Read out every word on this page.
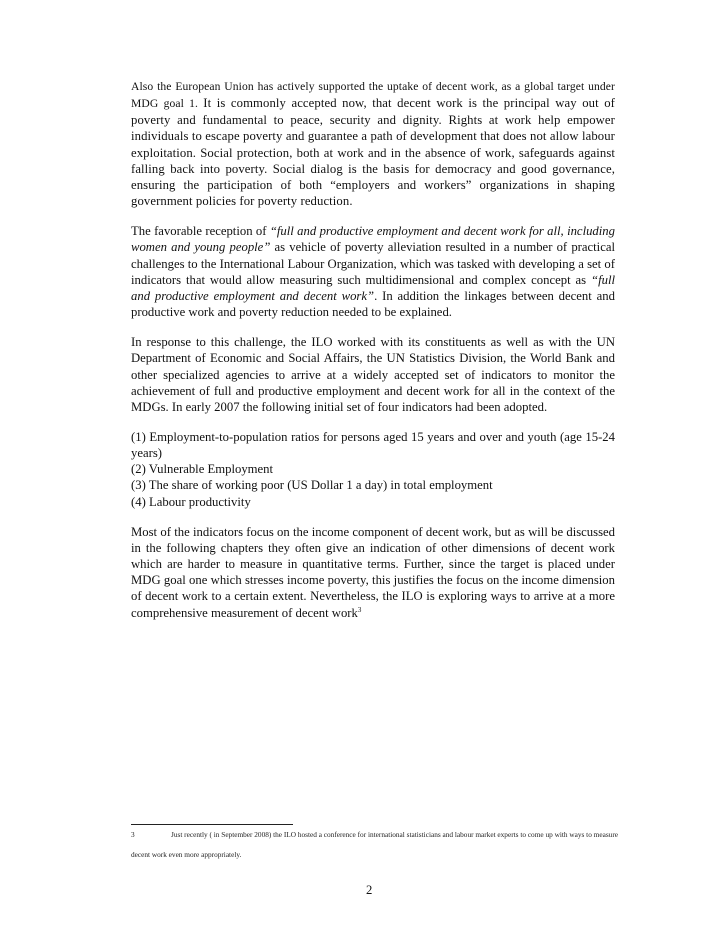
Also the European Union has actively supported the uptake of decent work, as a global target under MDG goal 1. It is commonly accepted now, that decent work is the principal way out of poverty and fundamental to peace, security and dignity. Rights at work help empower individuals to escape poverty and guarantee a path of development that does not allow labour exploitation. Social protection, both at work and in the absence of work, safeguards against falling back into poverty. Social dialog is the basis for democracy and good governance, ensuring the participation of both “employers and workers” organizations in shaping government policies for poverty reduction.

The favorable reception of “full and productive employment and decent work for all, including women and young people” as vehicle of poverty alleviation resulted in a number of practical challenges to the International Labour Organization, which was tasked with developing a set of indicators that would allow measuring such multidimensional and complex concept as “full and productive employment and decent work”. In addition the linkages between decent and productive work and poverty reduction needed to be explained.

In response to this challenge, the ILO worked with its constituents as well as with the UN Department of Economic and Social Affairs, the UN Statistics Division, the World Bank and other specialized agencies to arrive at a widely accepted set of indicators to monitor the achievement of full and productive employment and decent work for all in the context of the MDGs. In early 2007 the following initial set of four indicators had been adopted.

(1) Employment-to-population ratios for persons aged 15 years and over and youth (age 15-24 years)
(2) Vulnerable Employment
(3) The share of working poor (US Dollar 1 a day) in total employment
(4) Labour productivity

Most of the indicators focus on the income component of decent work, but as will be discussed in the following chapters they often give an indication of other dimensions of decent work which are harder to measure in quantitative terms. Further, since the target is placed under MDG goal one which stresses income poverty, this justifies the focus on the income dimension of decent work to a certain extent. Nevertheless, the ILO is exploring ways to arrive at a more comprehensive measurement of decent work$^3$

3	Just recently ( in September 2008) the ILO hosted a conference for international statisticians and labour market experts to come up with ways to measure decent work even more appropriately.
2
